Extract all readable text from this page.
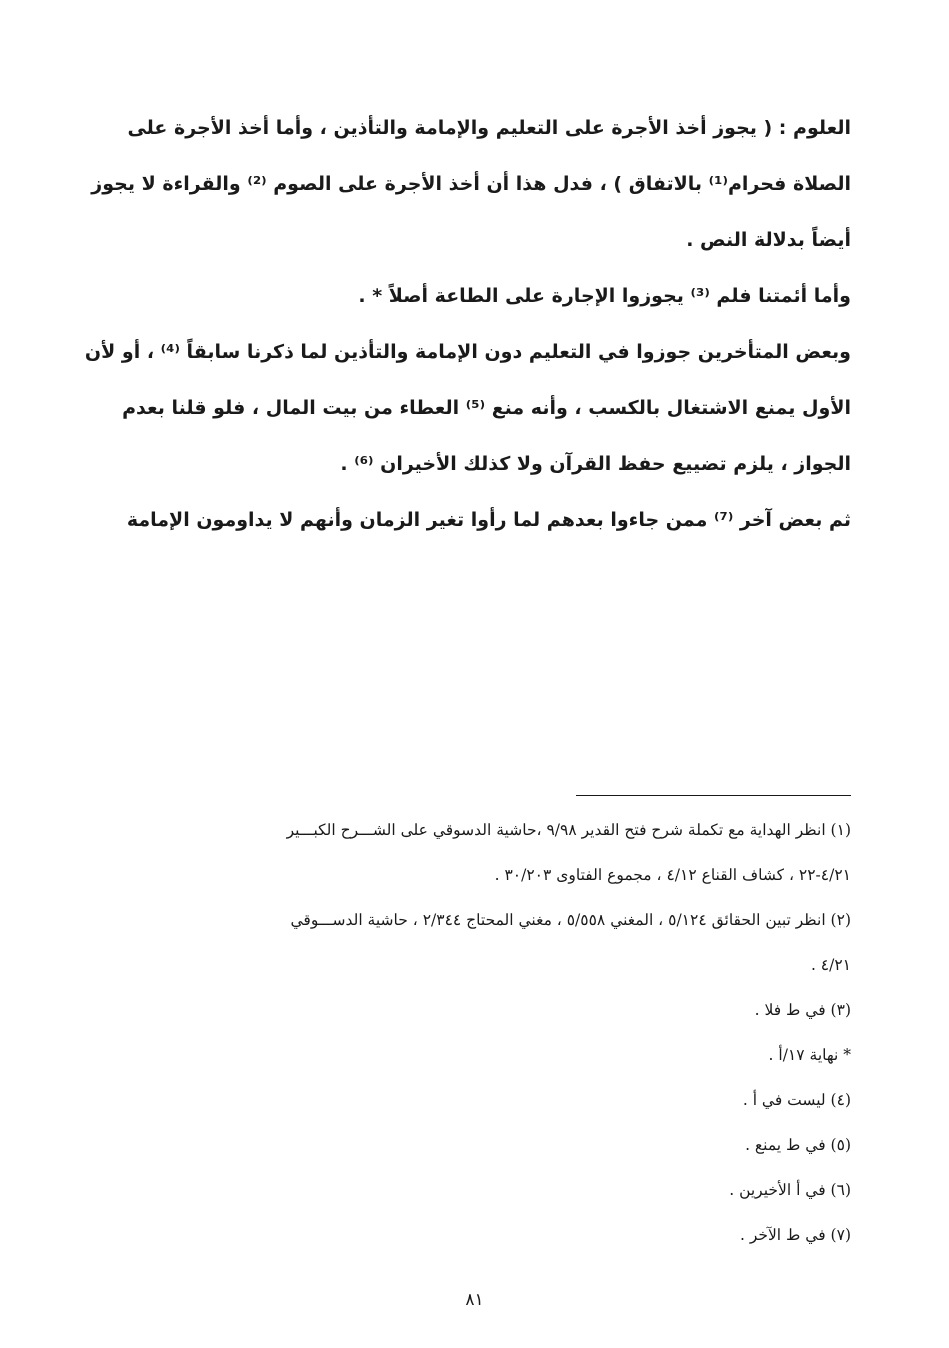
العلوم : ( يجوز أخذ الأجرة على التعليم والإمامة والتأذين ، وأما أخذ الأجرة على
الصلاة فحرام⁽¹⁾ بالاتفاق ) ، فدل هذا أن أخذ الأجرة على الصوم ⁽²⁾ والقراءة لا يجوز
أيضاً بدلالة النص .
وأما أئمتنا فلم ⁽³⁾ يجوزوا الإجارة على الطاعة أصلاً * .
وبعض المتأخرين جوزوا في التعليم دون الإمامة والتأذين لما ذكرنا سابقاً ⁽⁴⁾ ، أو لأن
الأول يمنع الاشتغال بالكسب ، وأنه منع ⁽⁵⁾ العطاء من بيت المال ، فلو قلنا بعدم
الجواز ، يلزم تضييع حفظ القرآن ولا كذلك الأخيران ⁽⁶⁾ .
ثم بعض آخر ⁽⁷⁾ ممن جاءوا بعدهم لما رأوا تغير الزمان وأنهم لا يداومون الإمامة
(١) انظر الهداية مع تكملة شرح فتح القدير ٩/٩٨ ،حاشية الدسوقي على الشـــرح الكبـــير
٤/٢١-٢٢ ، كشاف القناع ٤/١٢ ، مجموع الفتاوى ٣٠/٢٠٣ .
(٢) انظر تبين الحقائق ٥/١٢٤ ، المغني ٥/٥٥٨ ، مغني المحتاج ٢/٣٤٤ ، حاشية الدســـوقي
٤/٢١ .
(٣) في ط فلا .
* نهاية ١٧/أ .
(٤) ليست في أ .
(٥) في ط يمنع .
(٦) في أ الأخيرين .
(٧) في ط الآخر .
٨١
